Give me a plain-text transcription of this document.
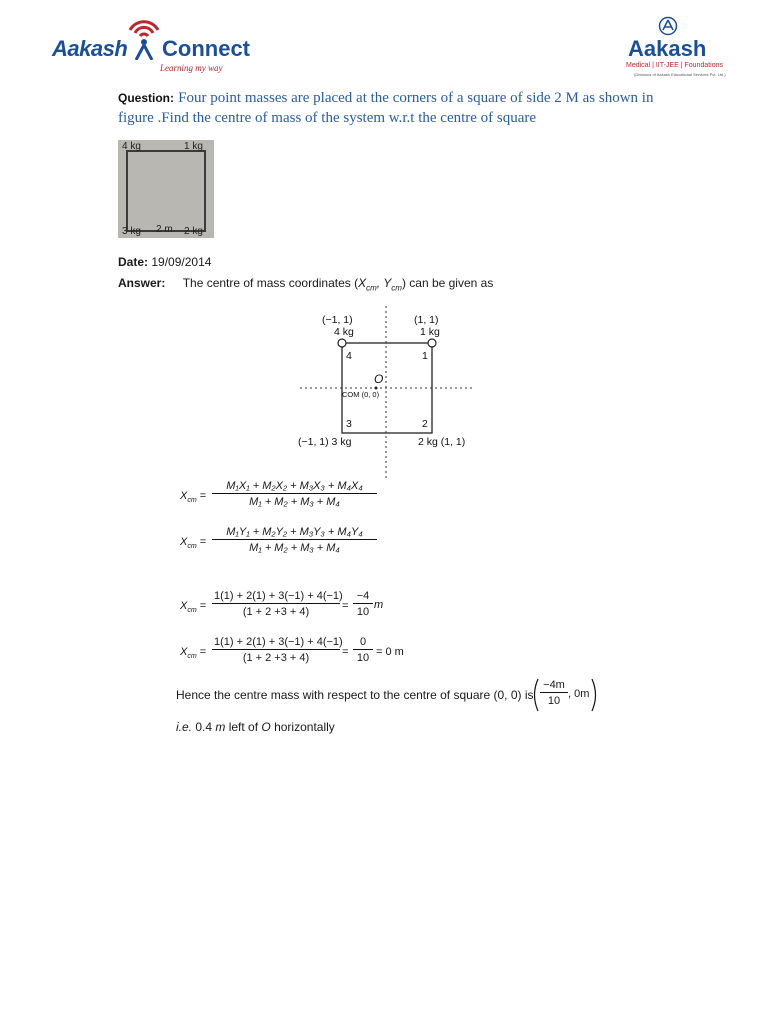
Aakash Connect
Learning my way
Aakash
Medical | IIT-JEE | Foundations
(Divisions of Aakash Educational Services Pvt. Ltd.)
Question: Four point masses are placed at the corners of a square of side 2 M as shown in figure .Find the centre of mass of the system w.r.t the centre of square
4 kg	1 kg
3 kg 2 m 2 kg
Date: 19/09/2014
Answer: The centre of mass coordinates ($X_{cm}$, $Y_{cm}$) can be given as
(−1, 1)
4 kg
(1, 1)
1 kg
4	1
O
COM (0, 0)
3	2
(−1, 1) 3 kg	2 kg (1, 1)
$X_{cm} = \frac{\text{M₁X₁ + M₂X₂ + M₃X₃ + M₄X₄}}{\text{M₁ + M₂ + M₃ + M₄}}$
$X_{cm} = \frac{\text{M₁Y₁ + M₂Y₂ + M₃Y₃ + M₄Y₄}}{\text{M₁ + M₂ + M₃ + M₄}}$
$X_{cm} = \frac{1(1) + 2(1) + 3(-1) + 4(-1)}{(1 + 2 +3 + 4)} = \frac{-4}{10}$ m
$X_{cm} = \frac{1(1) + 2(1) + 3(-1) + 4(-1)}{(1 + 2 +3 + 4)} = \frac{0}{10} = 0$ m
Hence the centre mass with respect to the centre of square (0, 0) is $\frac{-4m}{10}$ , 0m
i.e. 0.4 m left of O horizontally
